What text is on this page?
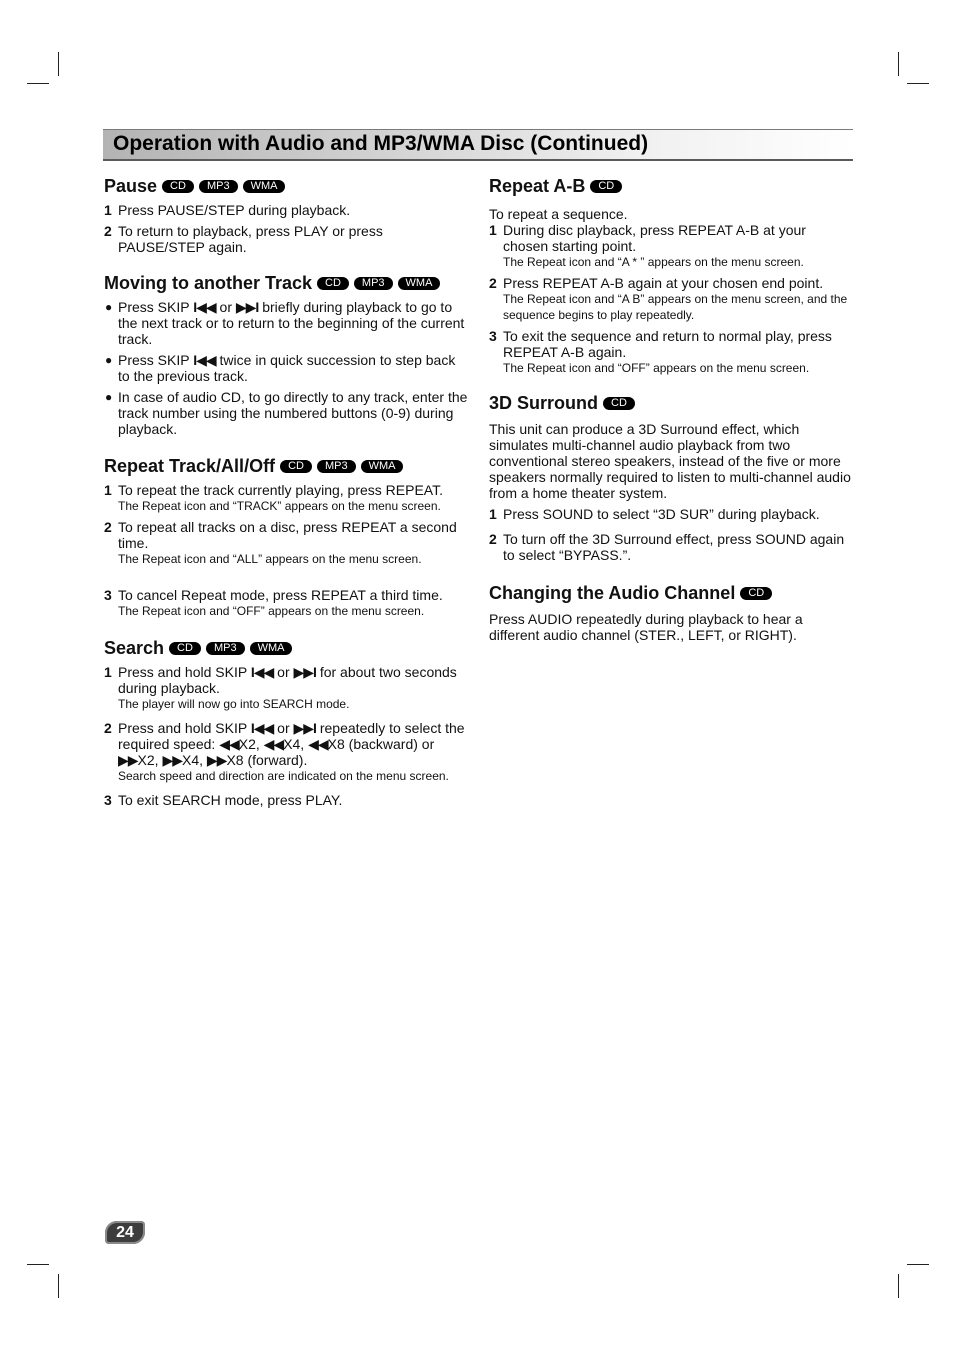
Operation with Audio and MP3/WMA Disc (Continued)
Pause	CD	MP3	WMA
1 Press PAUSE/STEP during playback.

2 To return to playback, press PLAY or press PAUSE/STEP again.

Moving to another Track	CD	MP3	WMA
● Press SKIP I◀◀ or ▶▶I briefly during playback to go to the next track or to return to the beginning of the current track.

● Press SKIP I◀◀ twice in quick succession to step back to the previous track.

● In case of audio CD, to go directly to any track, enter the track number using the numbered buttons (0-9) during playback.

Repeat Track/All/Off	CD	MP3	WMA
1 To repeat the track currently playing, press REPEAT.

The Repeat icon and “TRACK” appears on the menu screen.

2 To repeat all tracks on a disc, press REPEAT a second time.

The Repeat icon and “ALL” appears on the menu screen.

3 To cancel Repeat mode, press REPEAT a third time.

The Repeat icon and “OFF” appears on the menu screen.

Search	CD	MP3	WMA
1 Press and hold SKIP I◀◀ or ▶▶I for about two seconds during playback.

The player will now go into SEARCH mode.

2 Press and hold SKIP I◀◀ or ▶▶I repeatedly to select the required speed: ◀◀X2, ◀◀X4, ◀◀X8 (backward) or ▶▶X2, ▶▶X4, ▶▶X8 (forward).

Search speed and direction are indicated on the menu screen.

3 To exit SEARCH mode, press PLAY.

Repeat A-B	CD

To repeat a sequence.

1 During disc playback, press REPEAT A-B at your chosen starting point.

The Repeat icon and “A * ” appears on the menu screen.

2 Press REPEAT A-B again at your chosen end point.

The Repeat icon and “A B” appears on the menu screen, and the sequence begins to play repeatedly.

3 To exit the sequence and return to normal play, press REPEAT A-B again.

The Repeat icon and “OFF” appears on the menu screen.

3D Surround	CD

This unit can produce a 3D Surround effect, which simulates multi-channel audio playback from two conventional stereo speakers, instead of the five or more speakers normally required to listen to multi-channel audio from a home theater system.

1 Press SOUND to select “3D SUR” during playback.

2 To turn off the 3D Surround effect, press SOUND again to select “BYPASS.”.

Changing the Audio Channel	CD

Press AUDIO repeatedly during playback to hear a different audio channel (STER., LEFT, or RIGHT).

24
